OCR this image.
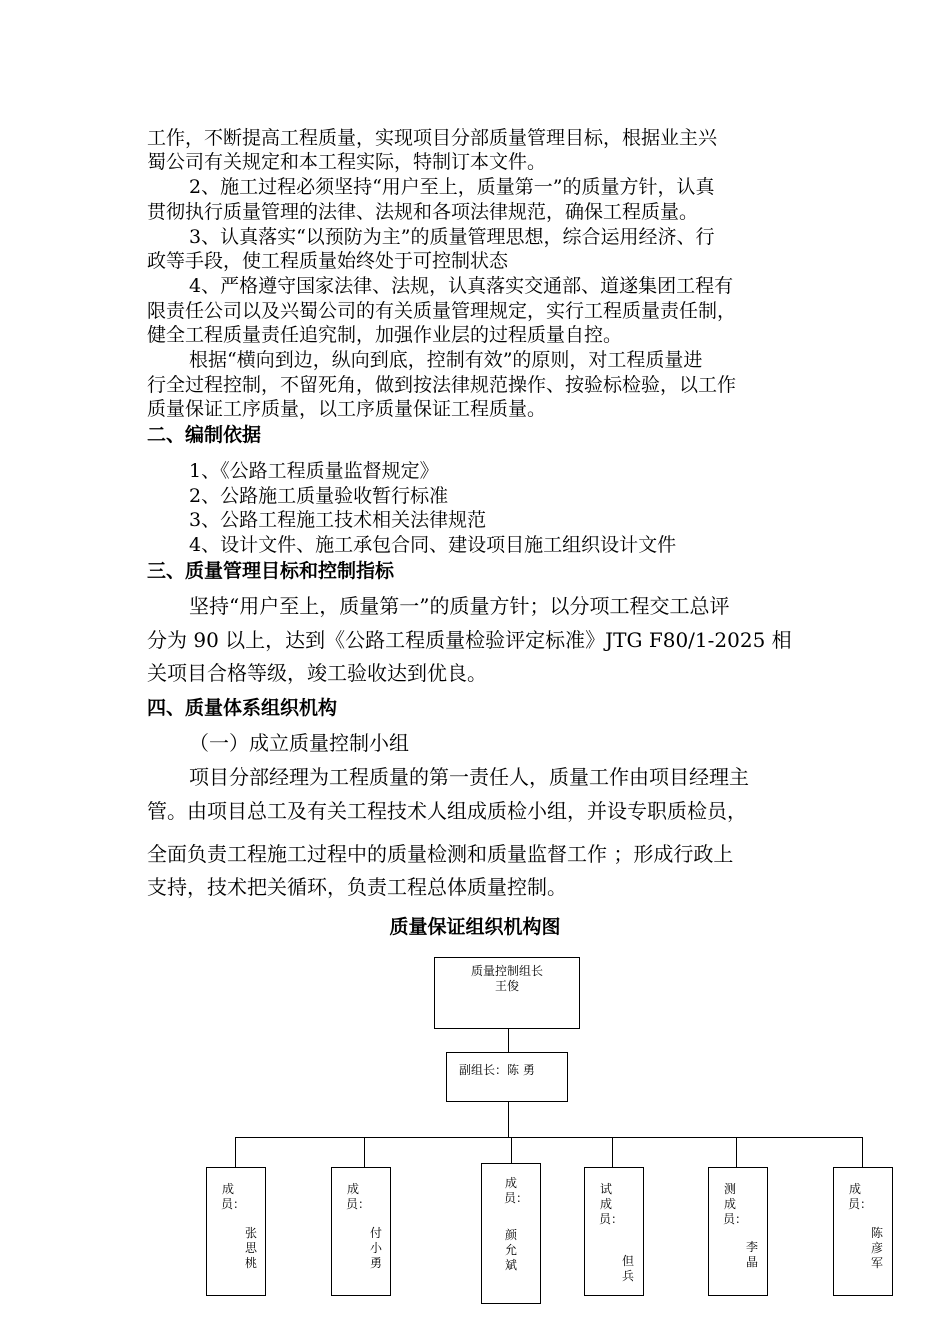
工作，不断提高工程质量，实现项目分部质量管理目标，根据业主兴
蜀公司有关规定和本工程实际，特制订本文件。
2、施工过程必须坚持“用户至上，质量第一”的质量方针，认真
贯彻执行质量管理的法律、法规和各项法律规范，确保工程质量。
3、认真落实“以预防为主”的质量管理思想，综合运用经济、行
政等手段，使工程质量始终处于可控制状态
4、严格遵守国家法律、法规，认真落实交通部、道遂集团工程有
限责任公司以及兴蜀公司的有关质量管理规定，实行工程质量责任制，
健全工程质量责任追究制，加强作业层的过程质量自控。
根据“横向到边，纵向到底，控制有效”的原则，对工程质量进
行全过程控制，不留死角，做到按法律规范操作、按验标检验，以工作
质量保证工序质量，以工序质量保证工程质量。
二、编制依据
1、《公路工程质量监督规定》
2、公路施工质量验收暂行标准
3、公路工程施工技术相关法律规范
4、设计文件、施工承包合同、建设项目施工组织设计文件
三、质量管理目标和控制指标
坚持“用户至上，质量第一”的质量方针；以分项工程交工总评
分为 90 以上，达到《公路工程质量检验评定标准》JTG F80/1-2025 相
关项目合格等级，竣工验收达到优良。
四、质量体系组织机构
（一）成立质量控制小组
项目分部经理为工程质量的第一责任人，质量工作由项目经理主
管。由项目总工及有关工程技术人组成质检小组，并设专职质检员，
全面负责工程施工过程中的质量检测和质量监督工作 ；形成行政上
支持，技术把关循环，负责工程总体质量控制。
质量保证组织机构图
质量控制组长
王俊
副组长：陈 勇
成员：
张思桃
成员：
付小勇
成员：
颜允斌
试成员：
但兵
测成员：
李晶
成员：
陈彦军
